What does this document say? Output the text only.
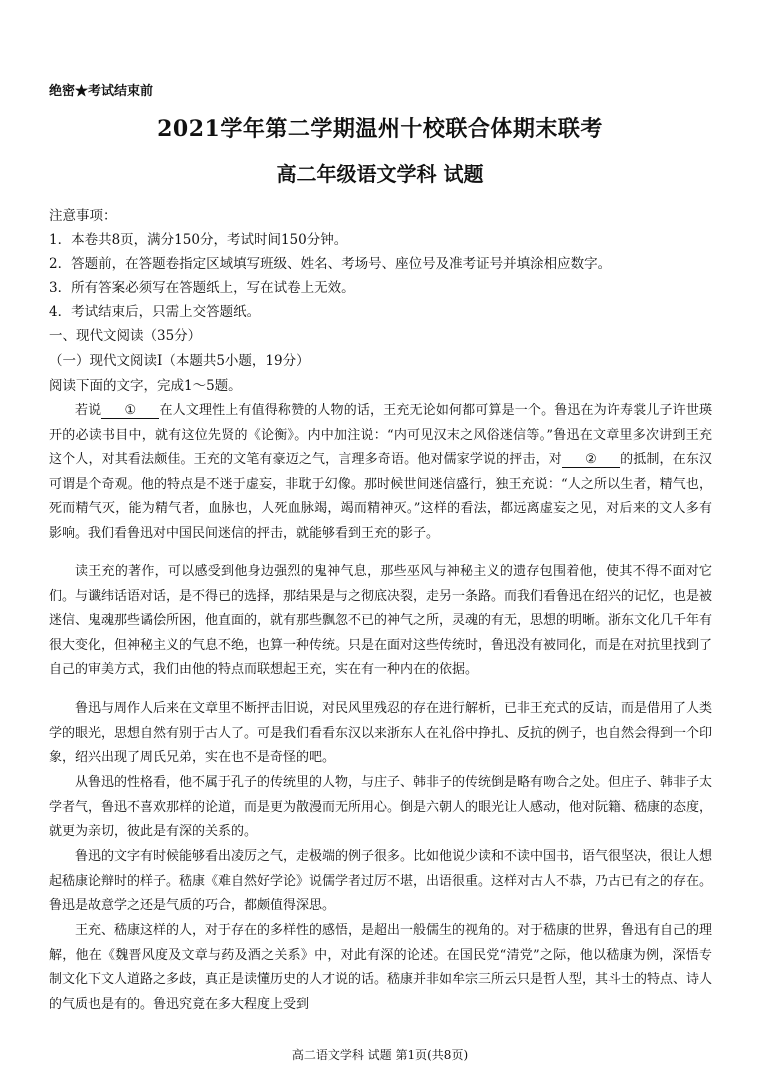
绝密★考试结束前
2021学年第二学期温州十校联合体期末联考
高二年级语文学科 试题
注意事项：
1．本卷共8页，满分150分，考试时间150分钟。
2．答题前，在答题卷指定区域填写班级、姓名、考场号、座位号及准考证号并填涂相应数字。
3．所有答案必须写在答题纸上，写在试卷上无效。
4．考试结束后，只需上交答题纸。
一、现代文阅读（35分）
（一）现代文阅读Ⅰ（本题共5小题，19分）
阅读下面的文字，完成1～5题。

若说 ① 在人文理性上有值得称赞的人物的话，王充无论如何都可算是一个。鲁迅在为许寿裳儿子许世瑛开的必读书目中，就有这位先贤的《论衡》。内中加注说：“内可见汉末之风俗迷信等。”鲁迅在文章里多次讲到王充这个人，对其看法颇佳。王充的文笔有豪迈之气，言理多奇语。他对儒家学说的抨击，对 ② 的抵制，在东汉可谓是个奇观。他的特点是不迷于虚妄，非耽于幻像。那时候世间迷信盛行，独王充说：“人之所以生者，精气也，死而精气灭，能为精气者，血脉也，人死血脉竭，竭而精神灭。”这样的看法，都远离虚妄之见，对后来的文人多有影响。我们看鲁迅对中国民间迷信的抨击，就能够看到王充的影子。

读王充的著作，可以感受到他身边强烈的鬼神气息，那些巫风与神秘主义的遗存包围着他，使其不得不面对它们。与谶纬话语对话，是不得已的选择，那结果是与之彻底决裂，走另一条路。而我们看鲁迅在绍兴的记忆，也是被迷信、鬼魂那些谲侩所困，他直面的，就有那些飘忽不已的神气之所，灵魂的有无，思想的明晰。浙东文化几千年有很大变化，但神秘主义的气息不绝，也算一种传统。只是在面对这些传统时，鲁迅没有被同化，而是在对抗里找到了自己的审美方式，我们由他的特点而联想起王充，实在有一种内在的依据。

鲁迅与周作人后来在文章里不断抨击旧说，对民风里残忍的存在进行解析，已非王充式的反诘，而是借用了人类学的眼光，思想自然有别于古人了。可是我们看看东汉以来浙东人在礼俗中挣扎、反抗的例子，也自然会得到一个印象，绍兴出现了周氏兄弟，实在也不是奇怪的吧。

从鲁迅的性格看，他不属于孔子的传统里的人物，与庄子、韩非子的传统倒是略有吻合之处。但庄子、韩非子太学者气，鲁迅不喜欢那样的论道，而是更为散漫而无所用心。倒是六朝人的眼光让人感动，他对阮籍、嵇康的态度，就更为亲切，彼此是有深的关系的。

鲁迅的文字有时候能够看出凌厉之气，走极端的例子很多。比如他说少读和不读中国书，语气很坚决，很让人想起嵇康论辩时的样子。嵇康《难自然好学论》说儒学者过厉不堪，出语很重。这样对古人不恭，乃古已有之的存在。鲁迅是故意学之还是气质的巧合，都颇值得深思。

王充、嵇康这样的人，对于存在的多样性的感悟，是超出一般儒生的视角的。对于嵇康的世界，鲁迅有自己的理解，他在《魏晋风度及文章与药及酒之关系》中，对此有深的论述。在国民党“清党”之际，他以嵇康为例，深悟专制文化下文人道路之多歧，真正是读懂历史的人才说的话。嵇康并非如牟宗三所云只是哲人型，其斗士的特点、诗人的气质也是有的。鲁迅究竟在多大程度上受到

高二语文学科 试题 第1页(共8页)
